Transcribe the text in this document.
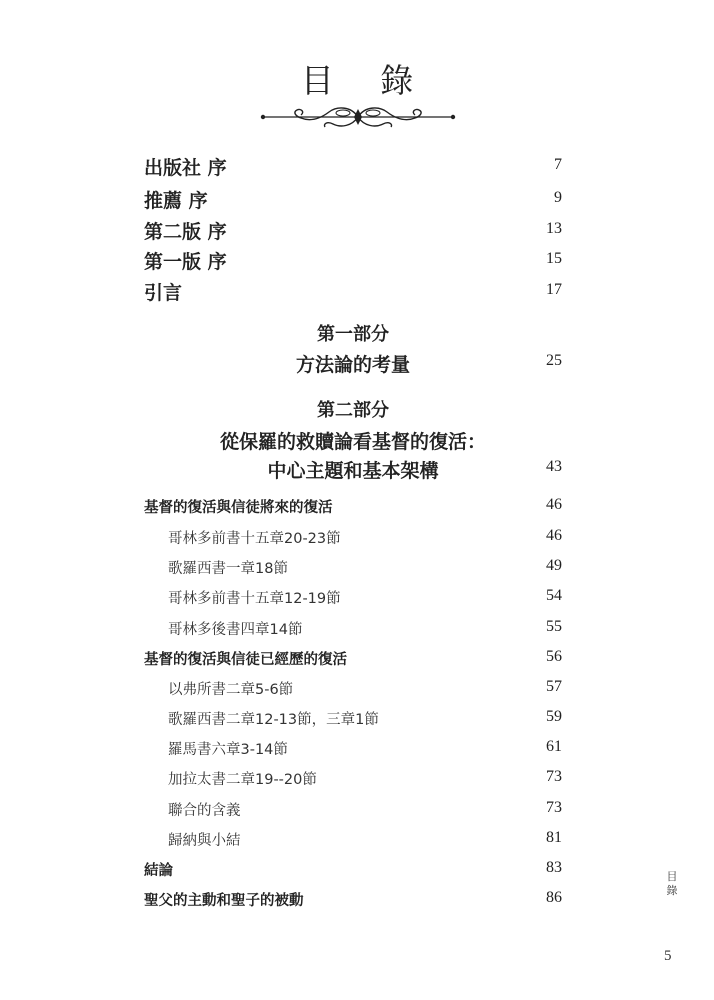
目 錄
出版社 序	7
推薦 序	9
第二版 序	13
第一版 序	15
引言	17
第一部分
方法論的考量	25
第二部分
從保羅的救贖論看基督的復活：
中心主題和基本架構	43
基督的復活與信徒將來的復活	46
哥林多前書十五章20-23節	46
歌羅西書一章18節	49
哥林多前書十五章12-19節	54
哥林多後書四章14節	55
基督的復活與信徒已經歷的復活	56
以弗所書二章5-6節	57
歌羅西書二章12-13節，三章1節	59
羅馬書六章3-14節	61
加拉太書二章19--20節	73
聯合的含義	73
歸納與小結	81
結論	83
聖父的主動和聖子的被動	86
目錄
5
